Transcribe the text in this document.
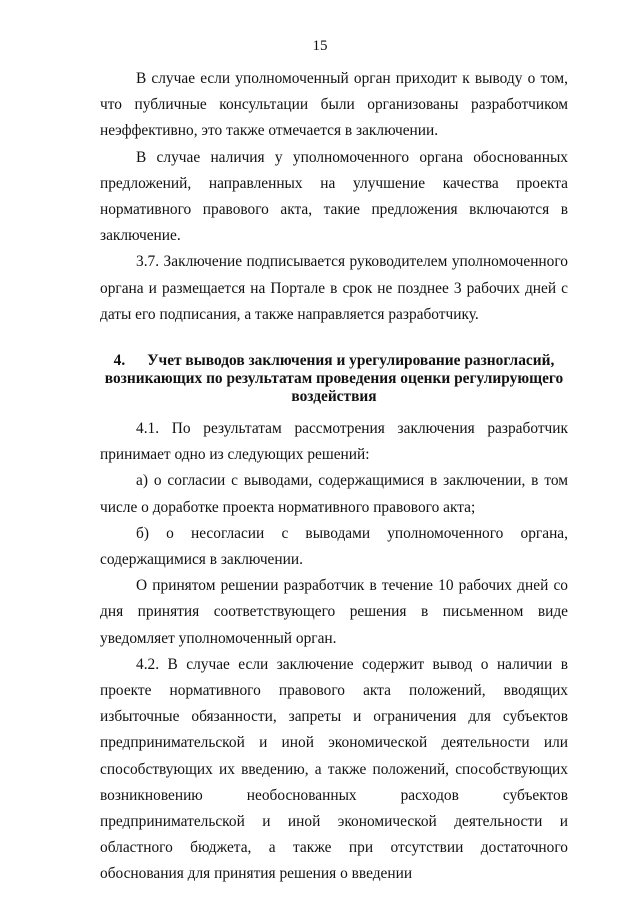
15

В случае если уполномоченный орган приходит к выводу о том, что публичные консультации были организованы разработчиком неэффективно, это также отмечается в заключении.

В случае наличия у уполномоченного органа обоснованных предложений, направленных на улучшение качества проекта нормативного правового акта, такие предложения включаются в заключение.

3.7. Заключение подписывается руководителем уполномоченного органа и размещается на Портале в срок не позднее 3 рабочих дней с даты его подписания, а также направляется разработчику.

4. Учет выводов заключения и урегулирование разногласий, возникающих по результатам проведения оценки регулирующего воздействия

4.1. По результатам рассмотрения заключения разработчик принимает одно из следующих решений:

а) о согласии с выводами, содержащимися в заключении, в том числе о доработке проекта нормативного правового акта;

б) о несогласии с выводами уполномоченного органа, содержащимися в заключении.

О принятом решении разработчик в течение 10 рабочих дней со дня принятия соответствующего решения в письменном виде уведомляет уполномоченный орган.

4.2. В случае если заключение содержит вывод о наличии в проекте нормативного правового акта положений, вводящих избыточные обязанности, запреты и ограничения для субъектов предпринимательской и иной экономической деятельности или способствующих их введению, а также положений, способствующих возникновению необоснованных расходов субъектов предпринимательской и иной экономической деятельности и областного бюджета, а также при отсутствии достаточного обоснования для принятия решения о введении
